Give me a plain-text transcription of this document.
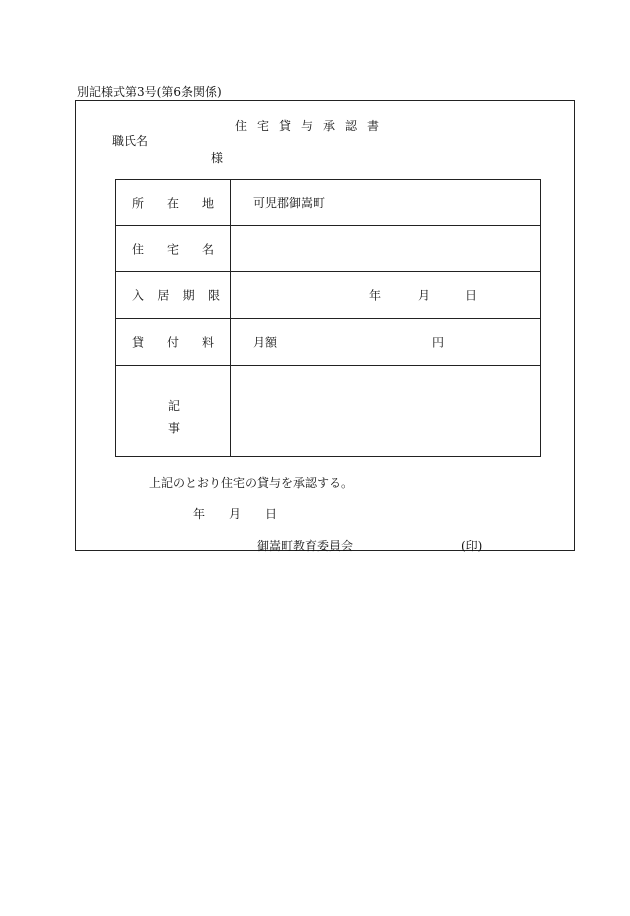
別記様式第3号(第6条関係)
住宅貸与承認書
職氏名
様
所 在 地	可児郡御嵩町

住 宅 名	

入 居 期 限	年 月 日

貸 付 料	月額 円

記
事	

上記のとおり住宅の貸与を承認する。
年 月 日
御嵩町教育委員会	(印)
